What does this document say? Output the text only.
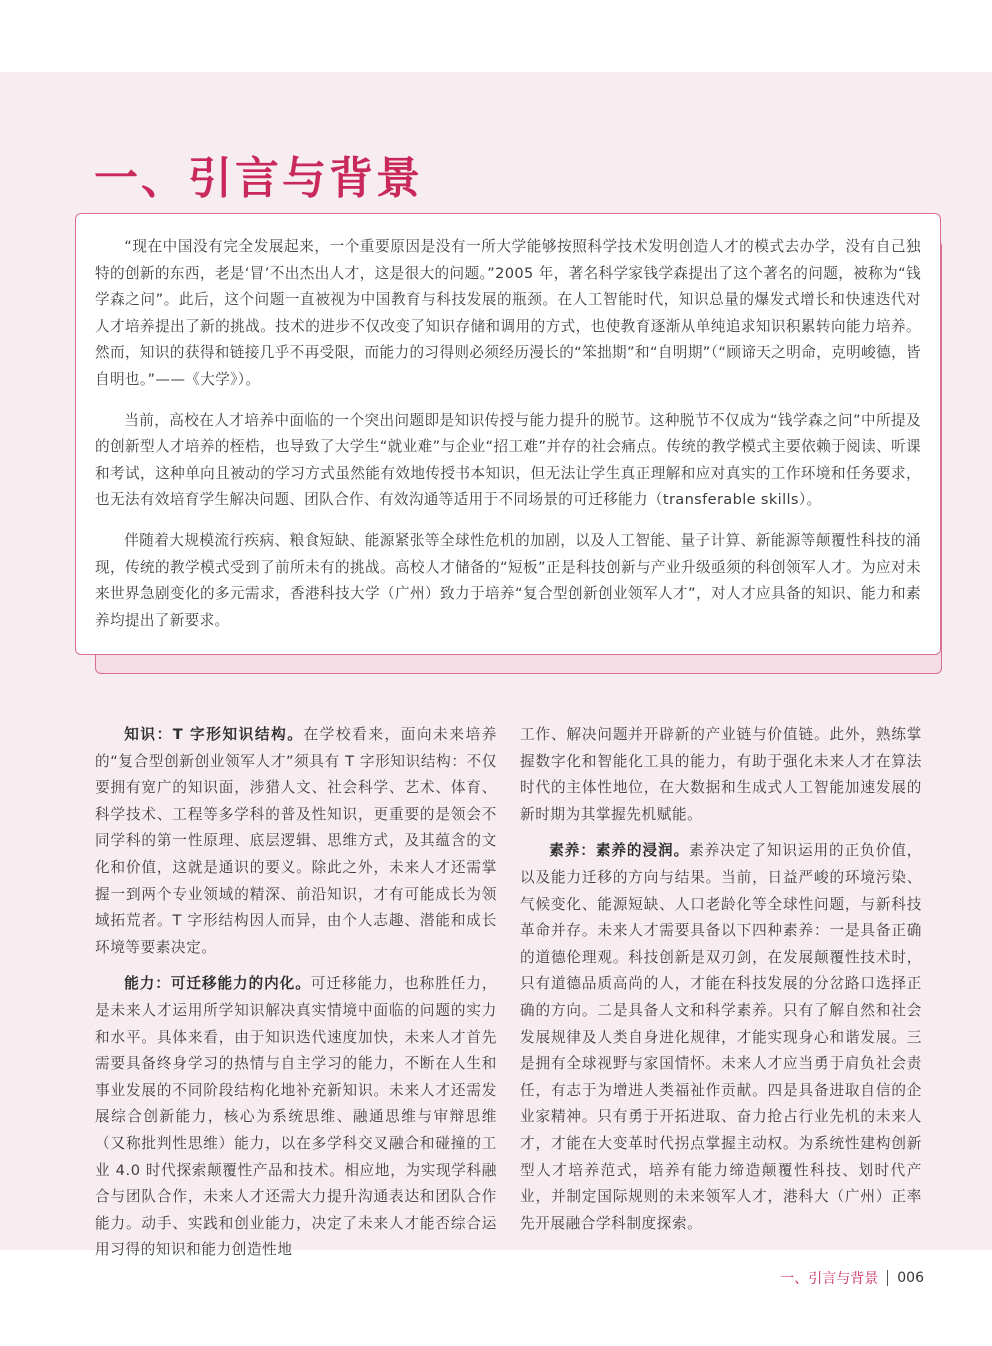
一、引言与背景

“现在中国没有完全发展起来，一个重要原因是没有一所大学能够按照科学技术发明创造人才的模式去办学，没有自己独特的创新的东西，老是‘冒’不出杰出人才，这是很大的问题。”2005 年，著名科学家钱学森提出了这个著名的问题，被称为“钱学森之问”。此后，这个问题一直被视为中国教育与科技发展的瓶颈。在人工智能时代，知识总量的爆发式增长和快速迭代对人才培养提出了新的挑战。技术的进步不仅改变了知识存储和调用的方式，也使教育逐渐从单纯追求知识积累转向能力培养。然而，知识的获得和链接几乎不再受限，而能力的习得则必须经历漫长的“笨拙期”和“自明期”（“顾谛天之明命，克明峻德，皆自明也。”——《大学》）。

当前，高校在人才培养中面临的一个突出问题即是知识传授与能力提升的脱节。这种脱节不仅成为“钱学森之问”中所提及的创新型人才培养的桎梏，也导致了大学生“就业难”与企业“招工难”并存的社会痛点。传统的教学模式主要依赖于阅读、听课和考试，这种单向且被动的学习方式虽然能有效地传授书本知识，但无法让学生真正理解和应对真实的工作环境和任务要求，也无法有效培育学生解决问题、团队合作、有效沟通等适用于不同场景的可迁移能力（transferable skills）。

伴随着大规模流行疾病、粮食短缺、能源紧张等全球性危机的加剧，以及人工智能、量子计算、新能源等颠覆性科技的涌现，传统的教学模式受到了前所未有的挑战。高校人才储备的“短板”正是科技创新与产业升级亟须的科创领军人才。为应对未来世界急剧变化的多元需求，香港科技大学（广州）致力于培养“复合型创新创业领军人才”，对人才应具备的知识、能力和素养均提出了新要求。

知识：T 字形知识结构。在学校看来，面向未来培养的“复合型创新创业领军人才”须具有 T 字形知识结构：不仅要拥有宽广的知识面，涉猎人文、社会科学、艺术、体育、科学技术、工程等多学科的普及性知识，更重要的是领会不同学科的第一性原理、底层逻辑、思维方式，及其蕴含的文化和价值，这就是通识的要义。除此之外，未来人才还需掌握一到两个专业领域的精深、前沿知识，才有可能成长为领域拓荒者。T 字形结构因人而异，由个人志趣、潜能和成长环境等要素决定。

能力：可迁移能力的内化。可迁移能力，也称胜任力，是未来人才运用所学知识解决真实情境中面临的问题的实力和水平。具体来看，由于知识迭代速度加快，未来人才首先需要具备终身学习的热情与自主学习的能力，不断在人生和事业发展的不同阶段结构化地补充新知识。未来人才还需发展综合创新能力，核心为系统思维、融通思维与审辩思维（又称批判性思维）能力，以在多学科交叉融合和碰撞的工业 4.0 时代探索颠覆性产品和技术。相应地，为实现学科融合与团队合作，未来人才还需大力提升沟通表达和团队合作能力。动手、实践和创业能力，决定了未来人才能否综合运用习得的知识和能力创造性地

工作、解决问题并开辟新的产业链与价值链。此外，熟练掌握数字化和智能化工具的能力，有助于强化未来人才在算法时代的主体性地位，在大数据和生成式人工智能加速发展的新时期为其掌握先机赋能。

素养：素养的浸润。素养决定了知识运用的正负价值，以及能力迁移的方向与结果。当前，日益严峻的环境污染、气候变化、能源短缺、人口老龄化等全球性问题，与新科技革命并存。未来人才需要具备以下四种素养：一是具备正确的道德伦理观。科技创新是双刃剑，在发展颠覆性技术时，只有道德品质高尚的人，才能在科技发展的分岔路口选择正确的方向。二是具备人文和科学素养。只有了解自然和社会发展规律及人类自身进化规律，才能实现身心和谐发展。三是拥有全球视野与家国情怀。未来人才应当勇于肩负社会责任，有志于为增进人类福祉作贡献。四是具备进取自信的企业家精神。只有勇于开拓进取、奋力抢占行业先机的未来人才，才能在大变革时代拐点掌握主动权。为系统性建构创新型人才培养范式，培养有能力缔造颠覆性科技、划时代产业，并制定国际规则的未来领军人才，港科大（广州）正率先开展融合学科制度探索。

一、引言与背景 006
